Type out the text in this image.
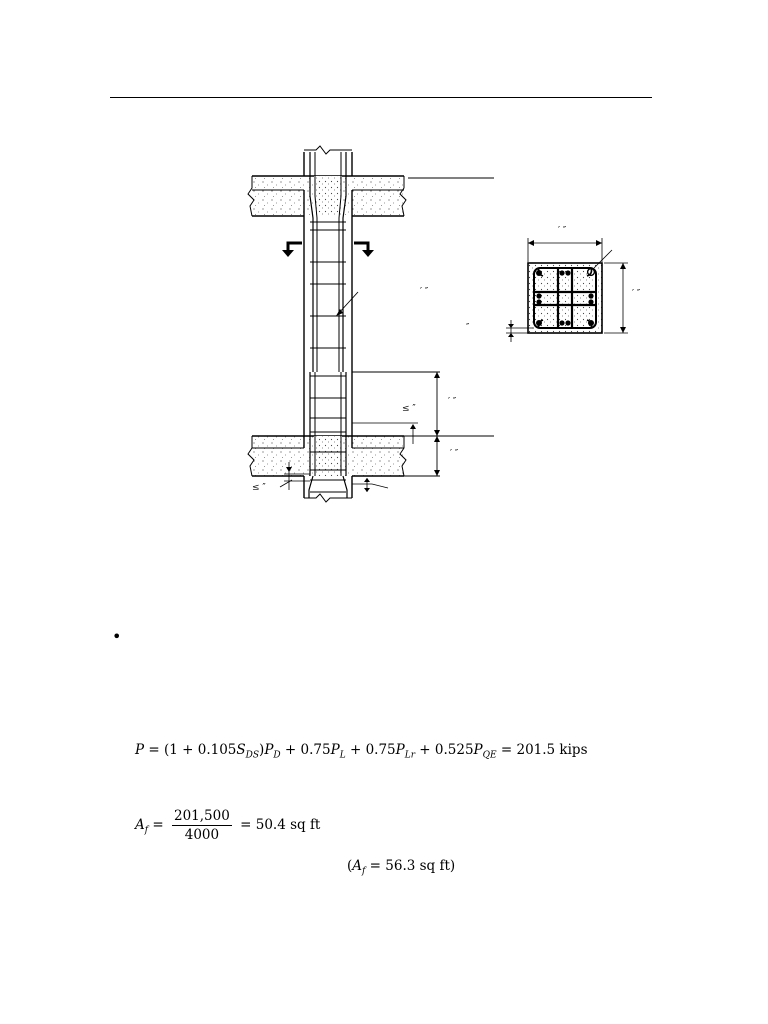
′ ″
′ ″
′ ″
″
′ ″
≤ ″
′ ″
≤ ″
•
$P = (1 + 0.105S_{DS})P_D + 0.75P_L + 0.75P_{Lr} + 0.525P_{QE} = 201.5$ kips
$A_f = \frac{201,500}{4000} = 50.4$ sq ft
($A_f = 56.3$ sq ft)
